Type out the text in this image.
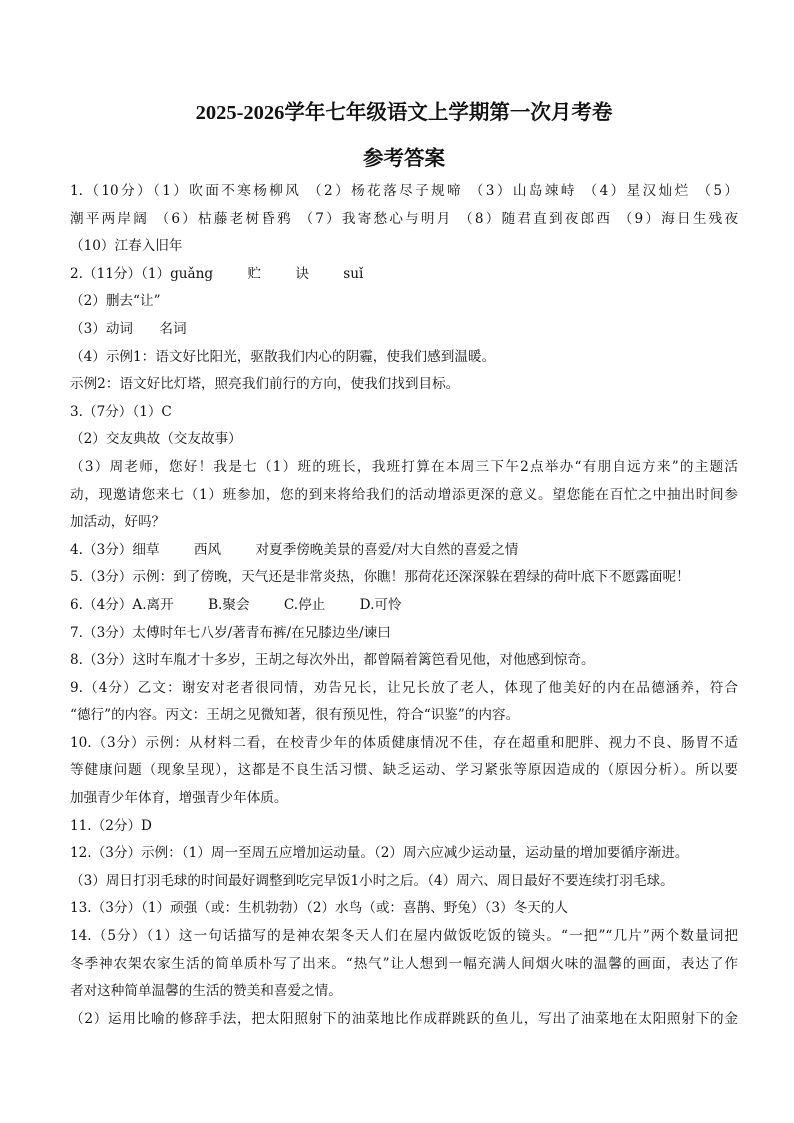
2025-2026学年七年级语文上学期第一次月考卷
参考答案
1.（10分）（1）吹面不寒杨柳风 （2）杨花落尽子规啼 （3）山岛竦峙 （4）星汉灿烂 （5）
潮平两岸阔 （6）枯藤老树昏鸦 （7）我寄愁心与明月 （8）随君直到夜郎西 （9）海日生残夜
（10）江春入旧年
2.（11分）（1）guǎng	贮	诀	suǐ
（2）删去“让”
（3）动词 名词
（4）示例1：语文好比阳光，驱散我们内心的阴霾，使我们感到温暖。
示例2：语文好比灯塔，照亮我们前行的方向，使我们找到目标。
3.（7分）（1）C
（2）交友典故（交友故事）
（3）周老师，您好！我是七（1）班的班长，我班打算在本周三下午2点举办“有朋自远方来”的主题活
动，现邀请您来七（1）班参加，您的到来将给我们的活动增添更深的意义。望您能在百忙之中抽出时间参
加活动，好吗？
4.（3分）细草	西风	对夏季傍晚美景的喜爱/对大自然的喜爱之情
5.（3分）示例：到了傍晚，天气还是非常炎热，你瞧！那荷花还深深躲在碧绿的荷叶底下不愿露面呢！
6.（4分）A.离开	B.聚会	C.停止	D.可怜
7.（3分）太傅时年七八岁/著青布裤/在兄膝边坐/谏曰
8.（3分）这时车胤才十多岁，王胡之每次外出，都曾隔着篱笆看见他，对他感到惊奇。
9.（4分）乙文：谢安对老者很同情，劝告兄长，让兄长放了老人，体现了他美好的内在品德涵养，符合
“德行”的内容。丙文：王胡之见微知著，很有预见性，符合“识鉴”的内容。
10.（3分）示例：从材料二看，在校青少年的体质健康情况不佳，存在超重和肥胖、视力不良、肠胃不适
等健康问题（现象呈现），这都是不良生活习惯、缺乏运动、学习紧张等原因造成的（原因分析）。所以要
加强青少年体育，增强青少年体质。
11.（2分）D
12.（3分）示例：（1）周一至周五应增加运动量。（2）周六应减少运动量，运动量的增加要循序渐进。
（3）周日打羽毛球的时间最好调整到吃完早饭1小时之后。（4）周六、周日最好不要连续打羽毛球。
13.（3分）（1）顽强（或：生机勃勃）（2）水鸟（或：喜鹊、野兔）（3）冬天的人
14.（5分）（1）这一句话描写的是神农架冬天人们在屋内做饭吃饭的镜头。“一把”“几片”两个数量词把
冬季神农架农家生活的简单质朴写了出来。“热气”让人想到一幅充满人间烟火味的温馨的画面，表达了作
者对这种简单温馨的生活的赞美和喜爱之情。
（2）运用比喻的修辞手法，把太阳照射下的油菜地比作成群跳跃的鱼儿，写出了油菜地在太阳照射下的金
